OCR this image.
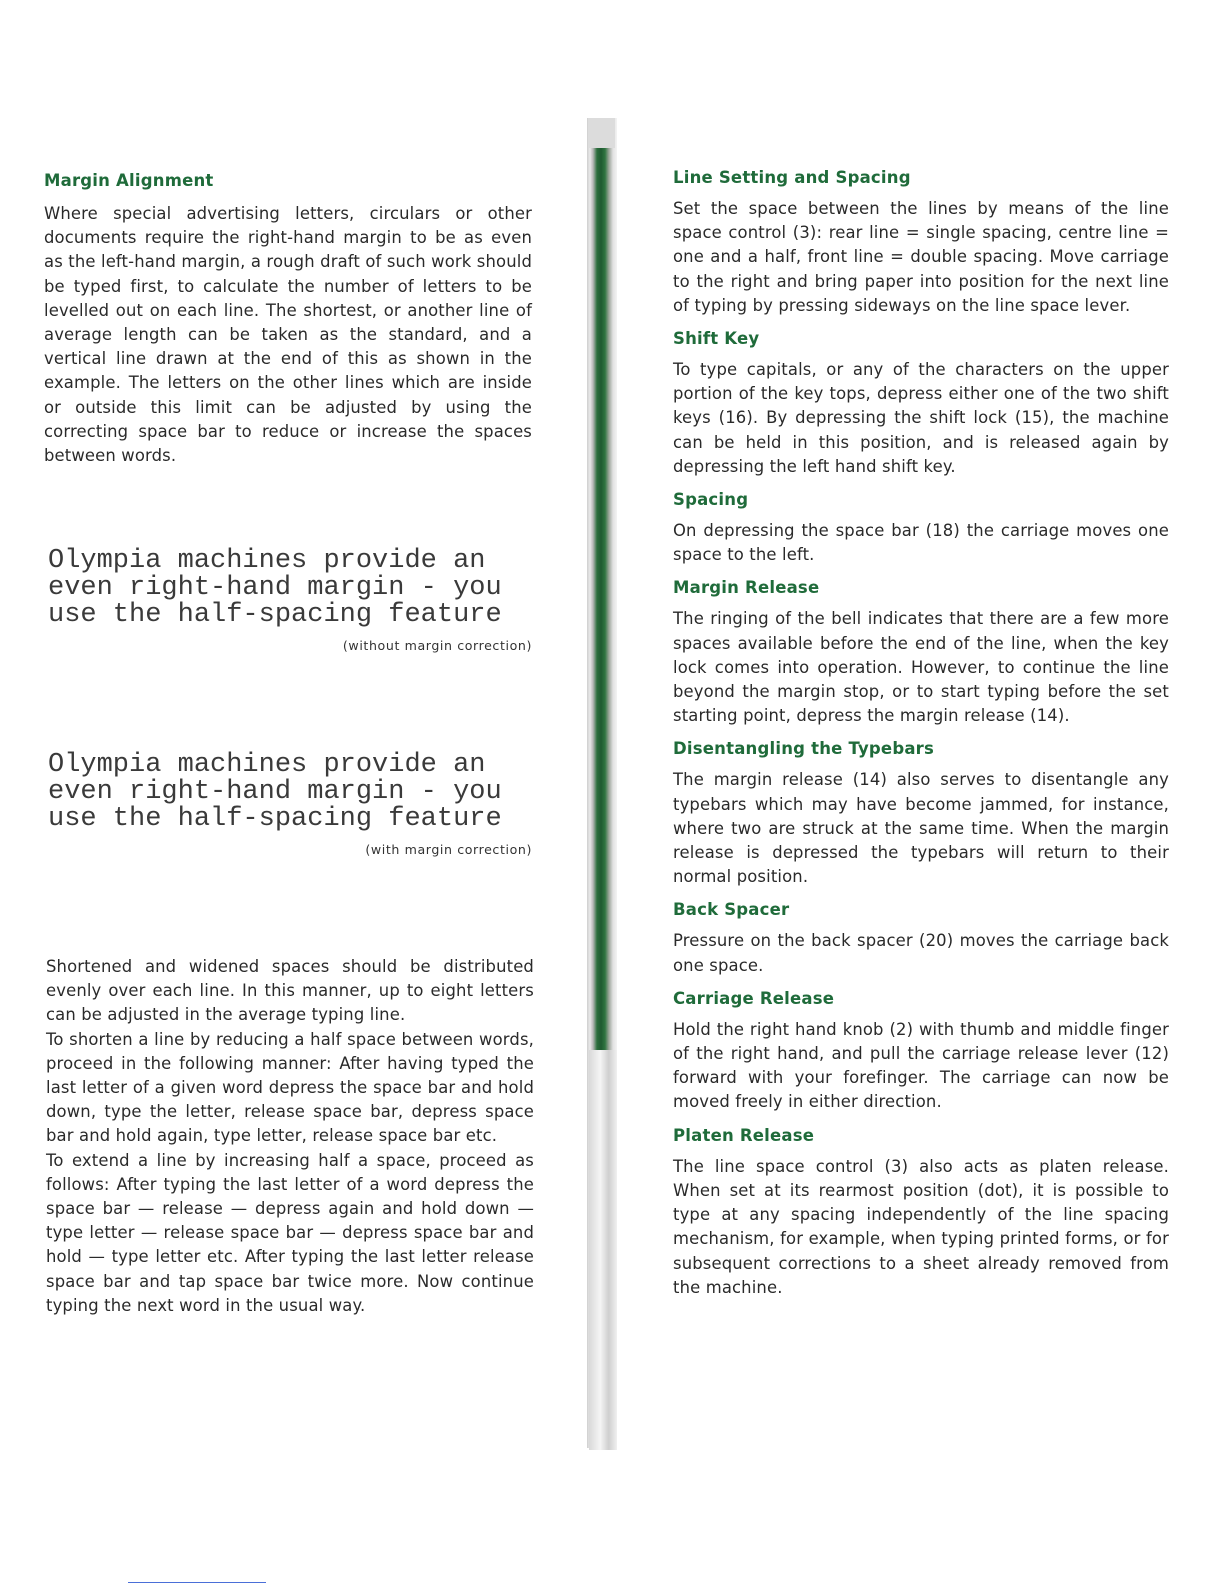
Margin Alignment

Where special advertising letters, circulars or other documents require the right-hand margin to be as even as the left-hand margin, a rough draft of such work should be typed first, to calculate the number of letters to be levelled out on each line. The shortest, or another line of average length can be taken as the standard, and a vertical line drawn at the end of this as shown in the example. The letters on the other lines which are inside or outside this limit can be adjusted by using the correcting space bar to reduce or increase the spaces between words.

Olympia machines provide an
even right-hand margin - you
use the half-spacing feature
(without margin correction)
Olympia machines provide an
even right-hand margin - you
use the half-spacing feature
(with margin correction)

Shortened and widened spaces should be distributed evenly over each line. In this manner, up to eight letters can be adjusted in the average typing line.

To shorten a line by reducing a half space between words, proceed in the following manner: After having typed the last letter of a given word depress the space bar and hold down, type the letter, release space bar, depress space bar and hold again, type letter, release space bar etc.

To extend a line by increasing half a space, proceed as follows: After typing the last letter of a word depress the space bar — release — depress again and hold down — type letter — release space bar — depress space bar and hold — type letter etc. After typing the last letter release space bar and tap space bar twice more. Now continue typing the next word in the usual way.

Line Setting and Spacing

Set the space between the lines by means of the line space control (3): rear line = single spacing, centre line = one and a half, front line = double spacing. Move carriage to the right and bring paper into position for the next line of typing by pressing sideways on the line space lever.

Shift Key

To type capitals, or any of the characters on the upper portion of the key tops, depress either one of the two shift keys (16). By depressing the shift lock (15), the machine can be held in this position, and is released again by depressing the left hand shift key.

Spacing

On depressing the space bar (18) the carriage moves one space to the left.

Margin Release

The ringing of the bell indicates that there are a few more spaces available before the end of the line, when the key lock comes into operation. However, to continue the line beyond the margin stop, or to start typing before the set starting point, depress the margin release (14).

Disentangling the Typebars

The margin release (14) also serves to disentangle any typebars which may have become jammed, for instance, where two are struck at the same time. When the margin release is depressed the typebars will return to their normal position.

Back Spacer

Pressure on the back spacer (20) moves the carriage back one space.

Carriage Release

Hold the right hand knob (2) with thumb and middle finger of the right hand, and pull the carriage release lever (12) forward with your forefinger. The carriage can now be moved freely in either direction.

Platen Release

The line space control (3) also acts as platen release. When set at its rearmost position (dot), it is possible to type at any spacing independently of the line spacing mechanism, for example, when typing printed forms, or for subsequent corrections to a sheet already removed from the machine.
